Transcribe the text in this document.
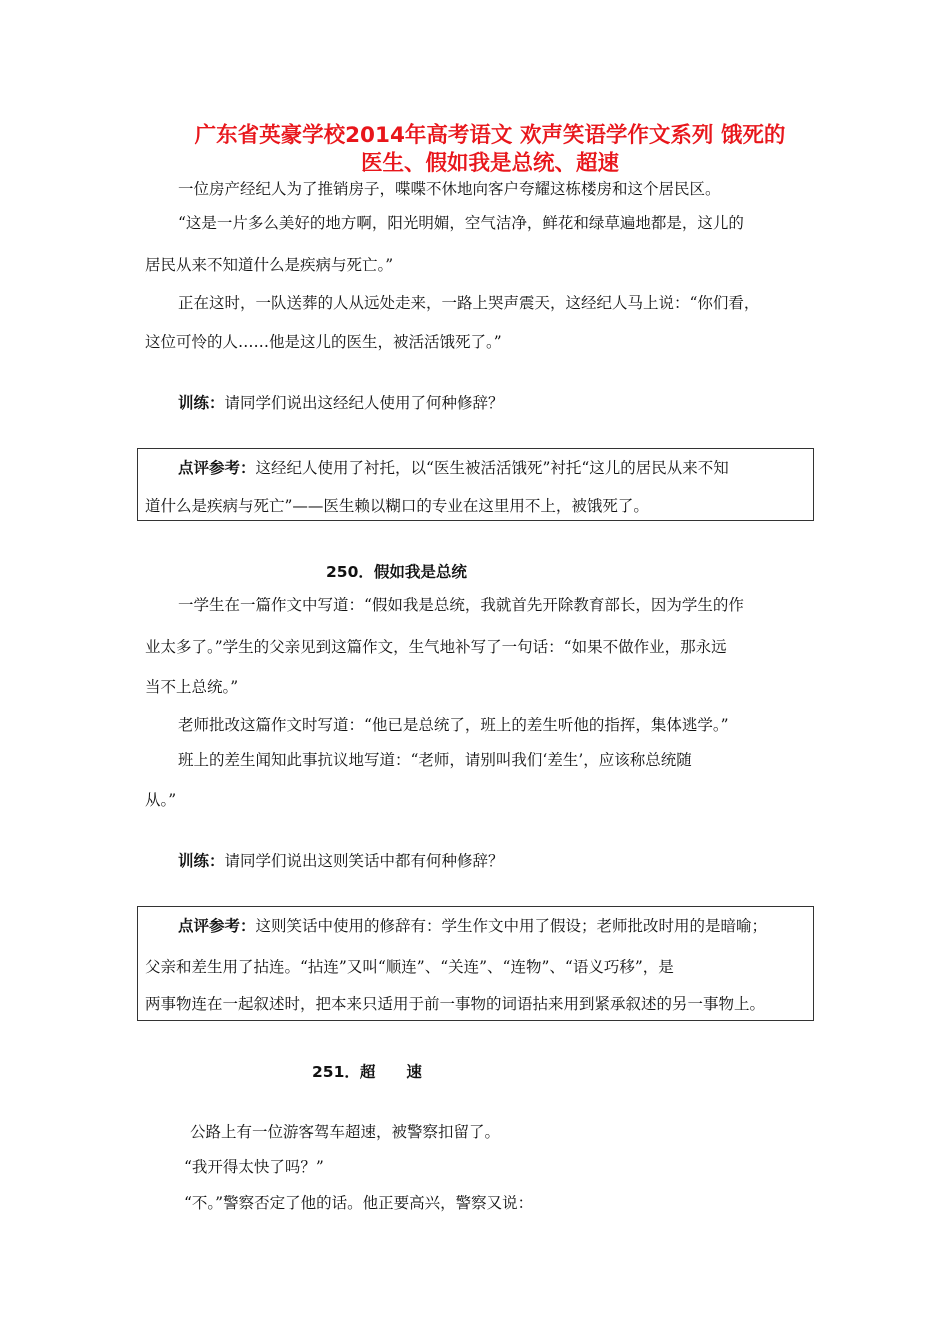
广东省英豪学校2014年高考语文 欢声笑语学作文系列 饿死的
医生、假如我是总统、超速
一位房产经纪人为了推销房子，喋喋不休地向客户夸耀这栋楼房和这个居民区。
“这是一片多么美好的地方啊，阳光明媚，空气洁净，鲜花和绿草遍地都是，这儿的
居民从来不知道什么是疾病与死亡。”
正在这时，一队送葬的人从远处走来，一路上哭声震天，这经纪人马上说：“你们看，
这位可怜的人……他是这儿的医生，被活活饿死了。”
训练：请同学们说出这经纪人使用了何种修辞？
点评参考：这经纪人使用了衬托，以“医生被活活饿死”衬托“这儿的居民从来不知
道什么是疾病与死亡”——医生赖以糊口的专业在这里用不上，被饿死了。
250．假如我是总统
一学生在一篇作文中写道：“假如我是总统，我就首先开除教育部长，因为学生的作
业太多了。”学生的父亲见到这篇作文，生气地补写了一句话：“如果不做作业，那永远
当不上总统。”
老师批改这篇作文时写道：“他已是总统了，班上的差生听他的指挥，集体逃学。”
班上的差生闻知此事抗议地写道：“老师，请别叫我们‘差生’，应该称总统随
从。”
训练：请同学们说出这则笑话中都有何种修辞？
点评参考：这则笑话中使用的修辞有：学生作文中用了假设；老师批改时用的是暗喻；
父亲和差生用了拈连。“拈连”又叫“顺连”、“关连”、“连物”、“语义巧移”，是
两事物连在一起叙述时，把本来只适用于前一事物的词语拈来用到紧承叙述的另一事物上。
251．超　　速
公路上有一位游客驾车超速，被警察扣留了。
“我开得太快了吗？”
“不。”警察否定了他的话。他正要高兴，警察又说：
